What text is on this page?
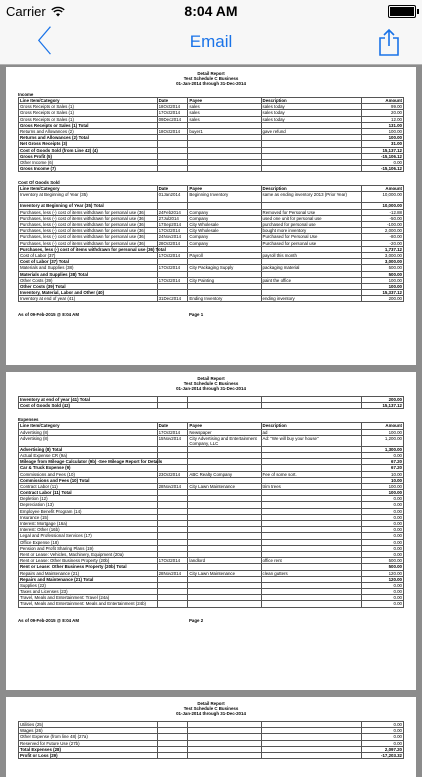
Carrier	8:04 AM
〈	Email
Detail Report
Test Schedule C Business
01-Jan-2014 through 31-Dec-2014
Income
Line Item/Category	Date	Payee	Description	Amount
Gross Receipts or Sales (1)	18Oct2014	sales	sales today	99.00
Gross Receipts or Sales (1)	17Oct2014	sales	sales today	20.00
Gross Receipts or Sales (1)	09Dec2014	sales	sales today	12.00
Gross Receipts or Sales (1) Total				131.00
Returns and Allowances (2)	18Oct2014	buyer1	gave refund	100.00
Returns and Allowances (2) Total				100.00
Net Gross Receipts (3)				31.00
Cost of Goods Sold (from Line 42) (4)				15,137.12
Gross Profit (5)				-15,106.12
Other Income (6)				0.00
Gross Income (7)				-15,106.12
Cost Of Goods Sold
Line Item/Category	Date	Payee	Description	Amount
Inventory at Beginning of Year (35)	01Jan2014	Beginning Inventory	same as ending inventory 2013 (Prior Year)	10,000.00
Inventory at Beginning of Year (35) Total				10,000.00
Purchases, less (-) cost of items withdrawn for personal use (36)	24Feb2014	Company	Removed for Personal Use	-12.88
Purchases, less (-) cost of items withdrawn for personal use (36)	27Jul2014	Company	used one unit for personal use	-50.00
Purchases, less (-) cost of items withdrawn for personal use (36)	17Sep2014	City Wholesale	purchased for personal use	-100.00
Purchases, less (-) cost of items withdrawn for personal use (36)	17Oct2014	City Wholesale	bought more inventory	2,000.00
Purchases, less (-) cost of items withdrawn for personal use (36)	24Nov2014	Company	Purchased for Personal Use	-80.00
Purchases, less (-) cost of items withdrawn for personal use (36)	28Oct2014	Company	Purchased for personal use	-20.00
Purchases, less (-) cost of items withdrawn for personal use (36) Total				1,737.12
Cost of Labor (37)	17Oct2014	Payroll	payroll this month	3,000.00
Cost of Labor (37) Total				3,000.00
Materials and Supplies (38)	17Oct2014	City Packaging Supply	packaging material	500.00
Materials and Supplies (38) Total				500.00
Other Costs (39)	17Oct2014	City Painting	paint the office	100.00
Other Costs (39) Total				100.00
Inventory, Material, Labor and Other (40)				15,337.12
Inventory at end of year (41)	31Dec2014	Ending Inventory	ending inventory	200.00
As of 09-Feb-2015 @ 8:04 AM	Page 1
Detail Report
Test Schedule C Business
01-Jan-2014 through 31-Dec-2014
Inventory at end of year (41) Total				200.00
Cost of Goods Sold (42)				15,137.12
Expenses
Line Item/Category	Date	Payee	Description	Amount
Advertising (8)	17Oct2014	Newspaper	ad	100.00
Advertising (8)	15Nov2014	City Advertising and Entertainment Company, LLC	Ad: "We will buy your house"	1,200.00
Advertising (8) Total				1,300.00
Actual Expense CR (9a)				0.00
Mileage from Mileage Calculator (9b) -See Mileage Report for Details				67.20
Car & Truck Expense (9)				67.20
Commissions and Fees (10)	23Oct2014	ABC Realty Company	Fee of some sort.	10.00
Commissions and Fees (10) Total				10.00
Contract Labor (11)	28Nov2014	City Lawn Maintenance	trim trees	100.00
Contract Labor (11) Total				100.00
Depletion (12)				0.00
Depreciation (13)				0.00
Employee Benefit Program (14)				0.00
Insurance (15)				0.00
Interest: Mortgage (16a)				0.00
Interest: Other (16b)				0.00
Legal and Professional Services (17)				0.00
Office Expense (18)				0.00
Pension and Profit Sharing Plans (19)				0.00
Rent or Lease: Vehicles, Machinery, Equipment (20a)				0.00
Rent or Lease: Other Business Property (20b)	17Oct2014	landlord	office rent	500.00
Rent or Lease: Other Business Property (20b) Total				500.00
Repairs and Maintenance (21)	28Nov2014	City Lawn Maintenance	clean gutters	120.00
Repairs and Maintenance (21) Total				120.00
Supplies (22)				0.00
Taxes and Licenses (23)				0.00
Travel, Meals and Entertainment: Travel (24a)				0.00
Travel, Meals and Entertainment: Meals and Entertainment (24b)				0.00
As of 09-Feb-2015 @ 8:04 AM	Page 2
Detail Report
Test Schedule C Business
01-Jan-2014 through 31-Dec-2014
Utilities (25)				0.00
Wages (26)				0.00
Other Expense (from line 48) (27a)				0.00
Reserved for Future Use (27b)				0.00
Total Expenses (28)				2,097.20
Profit or Loss (29)				-17,203.32
